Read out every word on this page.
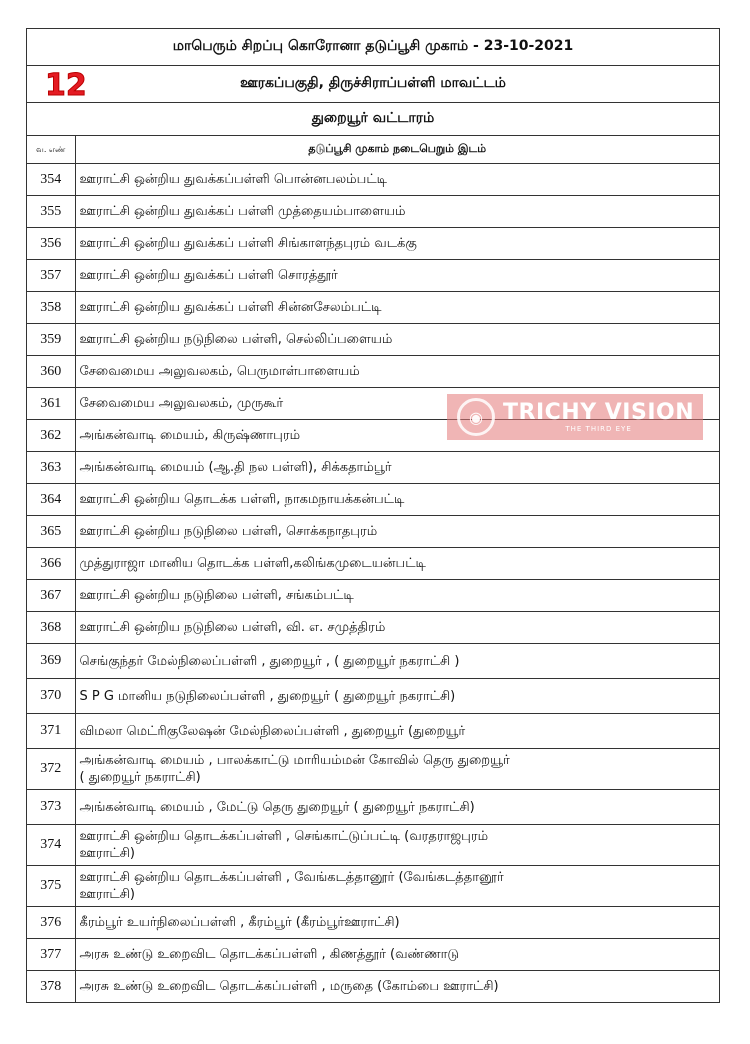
மாபெரும் சிறப்பு கொரோனா தடுப்பூசி முகாம் - 23-10-2021
12	ஊரகப்பகுதி, திருச்சிராப்பள்ளி மாவட்டம்
துறையூர் வட்டாரம்
வ. எண்	தடுப்பூசி முகாம் நடைபெறும் இடம்
354	ஊராட்சி ஒன்றிய துவக்கப்பள்ளி பொன்னபலம்பட்டி
355	ஊராட்சி ஒன்றிய துவக்கப் பள்ளி முத்தையம்பாளையம்
356	ஊராட்சி ஒன்றிய துவக்கப் பள்ளி சிங்காளந்தபுரம் வடக்கு
357	ஊராட்சி ஒன்றிய துவக்கப் பள்ளி சொரத்தூர்
358	ஊராட்சி ஒன்றிய துவக்கப் பள்ளி சின்னசேலம்பட்டி
359	ஊராட்சி ஒன்றிய நடுநிலை பள்ளி, செல்லிப்பளையம்
360	சேவைமைய அலுவலகம், பெருமாள்பாளையம்
361	சேவைமைய அலுவலகம், முருகூர்
362	அங்கன்வாடி மையம், கிருஷ்ணாபுரம்
363	அங்கன்வாடி மையம் (ஆ.தி நல பள்ளி), சிக்கதாம்பூர்
364	ஊராட்சி ஒன்றிய தொடக்க பள்ளி, நாகமநாயக்கன்பட்டி
365	ஊராட்சி ஒன்றிய நடுநிலை பள்ளி, சொக்கநாதபுரம்
366	முத்துராஜா மானிய தொடக்க பள்ளி,கலிங்கமுடையன்பட்டி
367	ஊராட்சி ஒன்றிய நடுநிலை பள்ளி, சங்கம்பட்டி
368	ஊராட்சி ஒன்றிய நடுநிலை பள்ளி, வி. எ. சமுத்திரம்
369	செங்குந்தர் மேல்நிலைப்பள்ளி , துறையூர் , ( துறையூர் நகராட்சி )
370	S P G மானிய நடுநிலைப்பள்ளி , துறையூர் ( துறையூர் நகராட்சி)
371	விமலா மெட்ரிகுலேஷன் மேல்நிலைப்பள்ளி , துறையூர் (துறையூர்
372	அங்கன்வாடி மையம் , பாலக்காட்டு மாரியம்மன் கோவில் தெரு துறையூர்
( துறையூர் நகராட்சி)

373	அங்கன்வாடி மையம் , மேட்டு தெரு துறையூர் ( துறையூர் நகராட்சி)
374	ஊராட்சி ஒன்றிய தொடக்கப்பள்ளி , செங்காட்டுப்பட்டி (வரதராஜபுரம்
ஊராட்சி)

375	ஊராட்சி ஒன்றிய தொடக்கப்பள்ளி , வேங்கடத்தானூர் (வேங்கடத்தானூர்
ஊராட்சி)

376	கீரம்பூர் உயர்நிலைப்பள்ளி , கீரம்பூர் (கீரம்பூர்ஊராட்சி)
377	அரசு உண்டு உறைவிட தொடக்கப்பள்ளி , கிணத்தூர் (வண்ணாடு
378	அரசு உண்டு உறைவிட தொடக்கப்பள்ளி , மருதை (கோம்பை ஊராட்சி)
◉ TRICHY VISION
THE THIRD EYE
